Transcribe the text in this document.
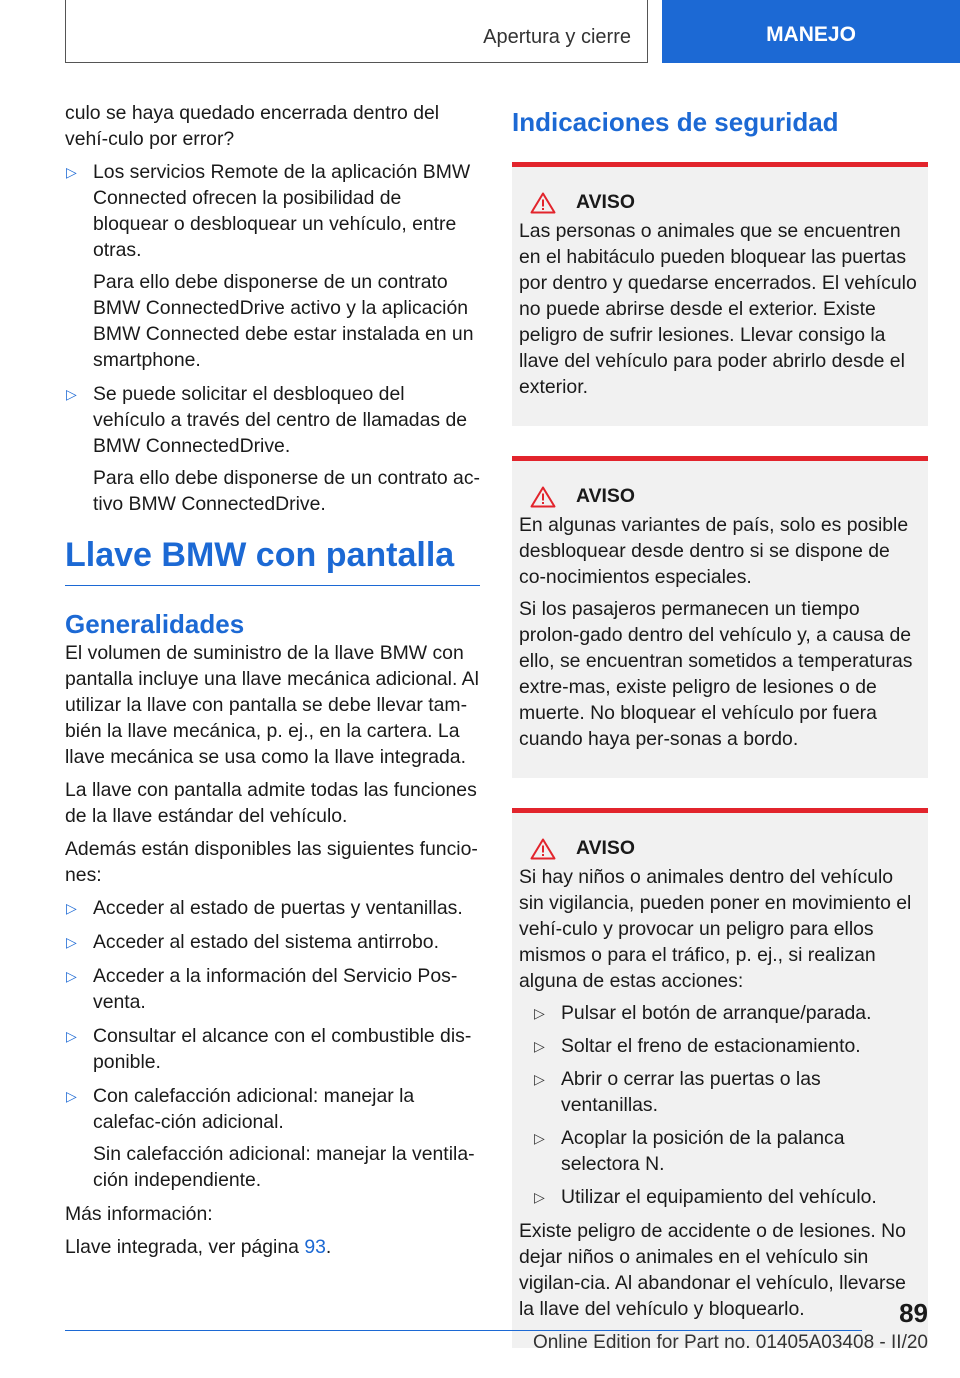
Apertura y cierre	MANEJO

culo se haya quedado encerrada dentro del vehí-culo por error?

▷ Los servicios Remote de la aplicación BMW Connected ofrecen la posibilidad de bloquear o desbloquear un vehículo, entre otras.
Para ello debe disponerse de un contrato BMW ConnectedDrive activo y la aplicación BMW Connected debe estar instalada en un smartphone.
▷ Se puede solicitar el desbloqueo del vehículo a través del centro de llamadas de BMW ConnectedDrive.
Para ello debe disponerse de un contrato ac-tivo BMW ConnectedDrive.
Llave BMW con pantalla
Generalidades

El volumen de suministro de la llave BMW con pantalla incluye una llave mecánica adicional. Al utilizar la llave con pantalla se debe llevar tam-bién la llave mecánica, p. ej., en la cartera. La llave mecánica se usa como la llave integrada.

La llave con pantalla admite todas las funciones de la llave estándar del vehículo.

Además están disponibles las siguientes funcio-nes:

▷ Acceder al estado de puertas y ventanillas.
▷ Acceder al estado del sistema antirrobo.
▷ Acceder a la información del Servicio Pos-venta.
▷ Consultar el alcance con el combustible dis-ponible.
▷ Con calefacción adicional: manejar la calefac-ción adicional.
Sin calefacción adicional: manejar la ventila-ción independiente.

Más información:

Llave integrada, ver página 93.

Indicaciones de seguridad
AVISO

Las personas o animales que se encuentren en el habitáculo pueden bloquear las puertas por dentro y quedarse encerrados. El vehículo no puede abrirse desde el exterior. Existe peligro de sufrir lesiones. Llevar consigo la llave del vehículo para poder abrirlo desde el exterior.

AVISO

En algunas variantes de país, solo es posible desbloquear desde dentro si se dispone de co-nocimientos especiales.

Si los pasajeros permanecen un tiempo prolon-gado dentro del vehículo y, a causa de ello, se encuentran sometidos a temperaturas extre-mas, existe peligro de lesiones o de muerte. No bloquear el vehículo por fuera cuando haya per-sonas a bordo.

AVISO

Si hay niños o animales dentro del vehículo sin vigilancia, pueden poner en movimiento el vehí-culo y provocar un peligro para ellos mismos o para el tráfico, p. ej., si realizan alguna de estas acciones:

▷ Pulsar el botón de arranque/parada.
▷ Soltar el freno de estacionamiento.
▷ Abrir o cerrar las puertas o las ventanillas.
▷ Acoplar la posición de la palanca selectora N.
▷ Utilizar el equipamiento del vehículo.

Existe peligro de accidente o de lesiones. No dejar niños o animales en el vehículo sin vigilan-cia. Al abandonar el vehículo, llevarse la llave del vehículo y bloquearlo.	89
Online Edition for Part no. 01405A03408 - II/20
